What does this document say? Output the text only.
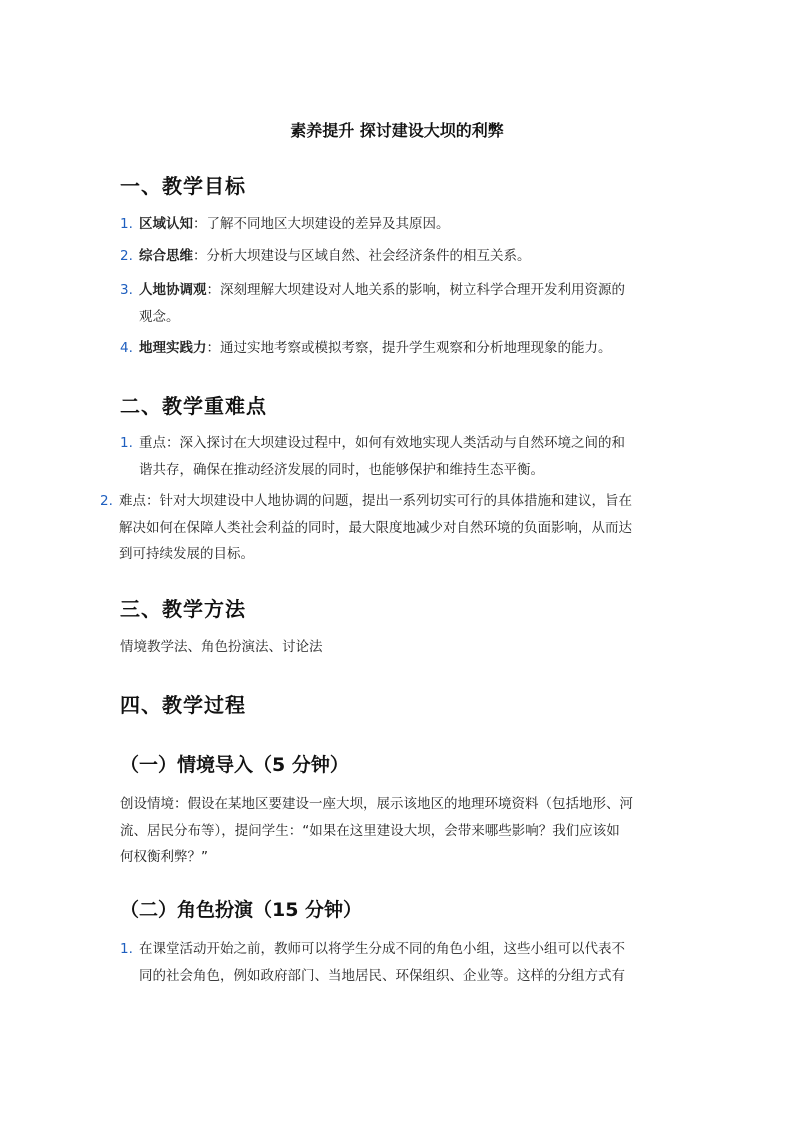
素养提升 探讨建设大坝的利弊
一、教学目标
1. 区域认知：了解不同地区大坝建设的差异及其原因。
2. 综合思维：分析大坝建设与区域自然、社会经济条件的相互关系。
3. 人地协调观：深刻理解大坝建设对人地关系的影响，树立科学合理开发利用资源的
观念。
4. 地理实践力：通过实地考察或模拟考察，提升学生观察和分析地理现象的能力。
二、教学重难点
1. 重点：深入探讨在大坝建设过程中，如何有效地实现人类活动与自然环境之间的和
谐共存，确保在推动经济发展的同时，也能够保护和维持生态平衡。
2. 难点：针对大坝建设中人地协调的问题，提出一系列切实可行的具体措施和建议，旨在
解决如何在保障人类社会利益的同时，最大限度地减少对自然环境的负面影响，从而达
到可持续发展的目标。
三、教学方法
情境教学法、角色扮演法、讨论法
四、教学过程
（一）情境导入（5 分钟）
创设情境：假设在某地区要建设一座大坝，展示该地区的地理环境资料（包括地形、河
流、居民分布等），提问学生：“如果在这里建设大坝，会带来哪些影响？我们应该如
何权衡利弊？”
（二）角色扮演（15 分钟）
1. 在课堂活动开始之前，教师可以将学生分成不同的角色小组，这些小组可以代表不
同的社会角色，例如政府部门、当地居民、环保组织、企业等。这样的分组方式有
